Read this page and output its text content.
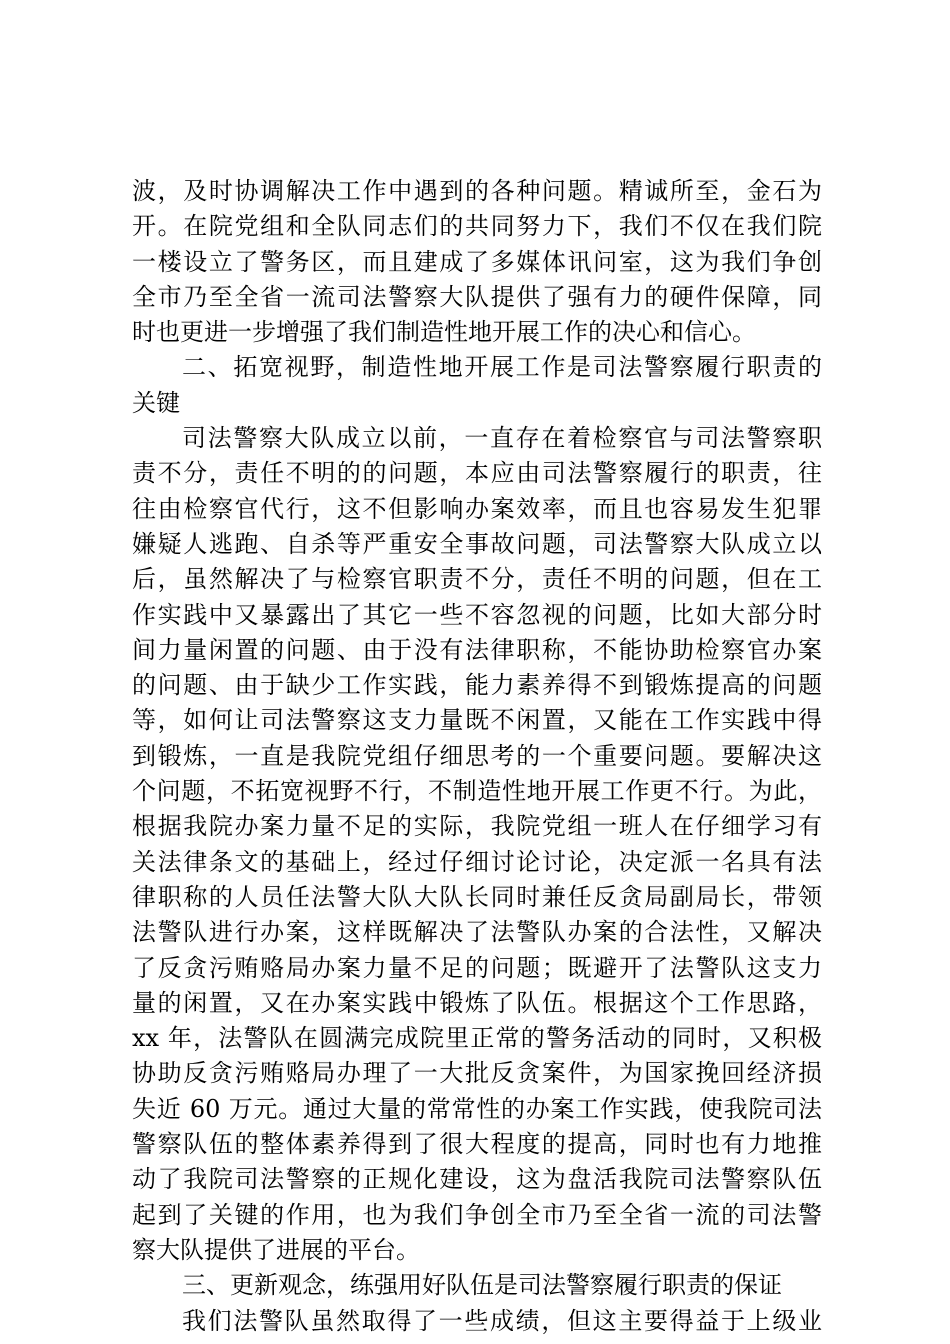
波，及时协调解决工作中遇到的各种问题。精诚所至，金石为
开。在院党组和全队同志们的共同努力下，我们不仅在我们院
一楼设立了警务区，而且建成了多媒体讯问室，这为我们争创
全市乃至全省一流司法警察大队提供了强有力的硬件保障，同
时也更进一步增强了我们制造性地开展工作的决心和信心。
二、拓宽视野，制造性地开展工作是司法警察履行职责的
关键
司法警察大队成立以前，一直存在着检察官与司法警察职
责不分，责任不明的的问题，本应由司法警察履行的职责，往
往由检察官代行，这不但影响办案效率，而且也容易发生犯罪
嫌疑人逃跑、自杀等严重安全事故问题，司法警察大队成立以
后，虽然解决了与检察官职责不分，责任不明的问题，但在工
作实践中又暴露出了其它一些不容忽视的问题，比如大部分时
间力量闲置的问题、由于没有法律职称，不能协助检察官办案
的问题、由于缺少工作实践，能力素养得不到锻炼提高的问题
等，如何让司法警察这支力量既不闲置，又能在工作实践中得
到锻炼，一直是我院党组仔细思考的一个重要问题。要解决这
个问题，不拓宽视野不行，不制造性地开展工作更不行。为此，
根据我院办案力量不足的实际，我院党组一班人在仔细学习有
关法律条文的基础上，经过仔细讨论讨论，决定派一名具有法
律职称的人员任法警大队大队长同时兼任反贪局副局长，带领
法警队进行办案，这样既解决了法警队办案的合法性，又解决
了反贪污贿赂局办案力量不足的问题；既避开了法警队这支力
量的闲置，又在办案实践中锻炼了队伍。根据这个工作思路，
xx 年，法警队在圆满完成院里正常的警务活动的同时，又积极
协助反贪污贿赂局办理了一大批反贪案件，为国家挽回经济损
失近 60 万元。通过大量的常常性的办案工作实践，使我院司法
警察队伍的整体素养得到了很大程度的提高，同时也有力地推
动了我院司法警察的正规化建设，这为盘活我院司法警察队伍
起到了关键的作用，也为我们争创全市乃至全省一流的司法警
察大队提供了进展的平台。
三、更新观念，练强用好队伍是司法警察履行职责的保证
我们法警队虽然取得了一些成绩，但这主要得益于上级业
